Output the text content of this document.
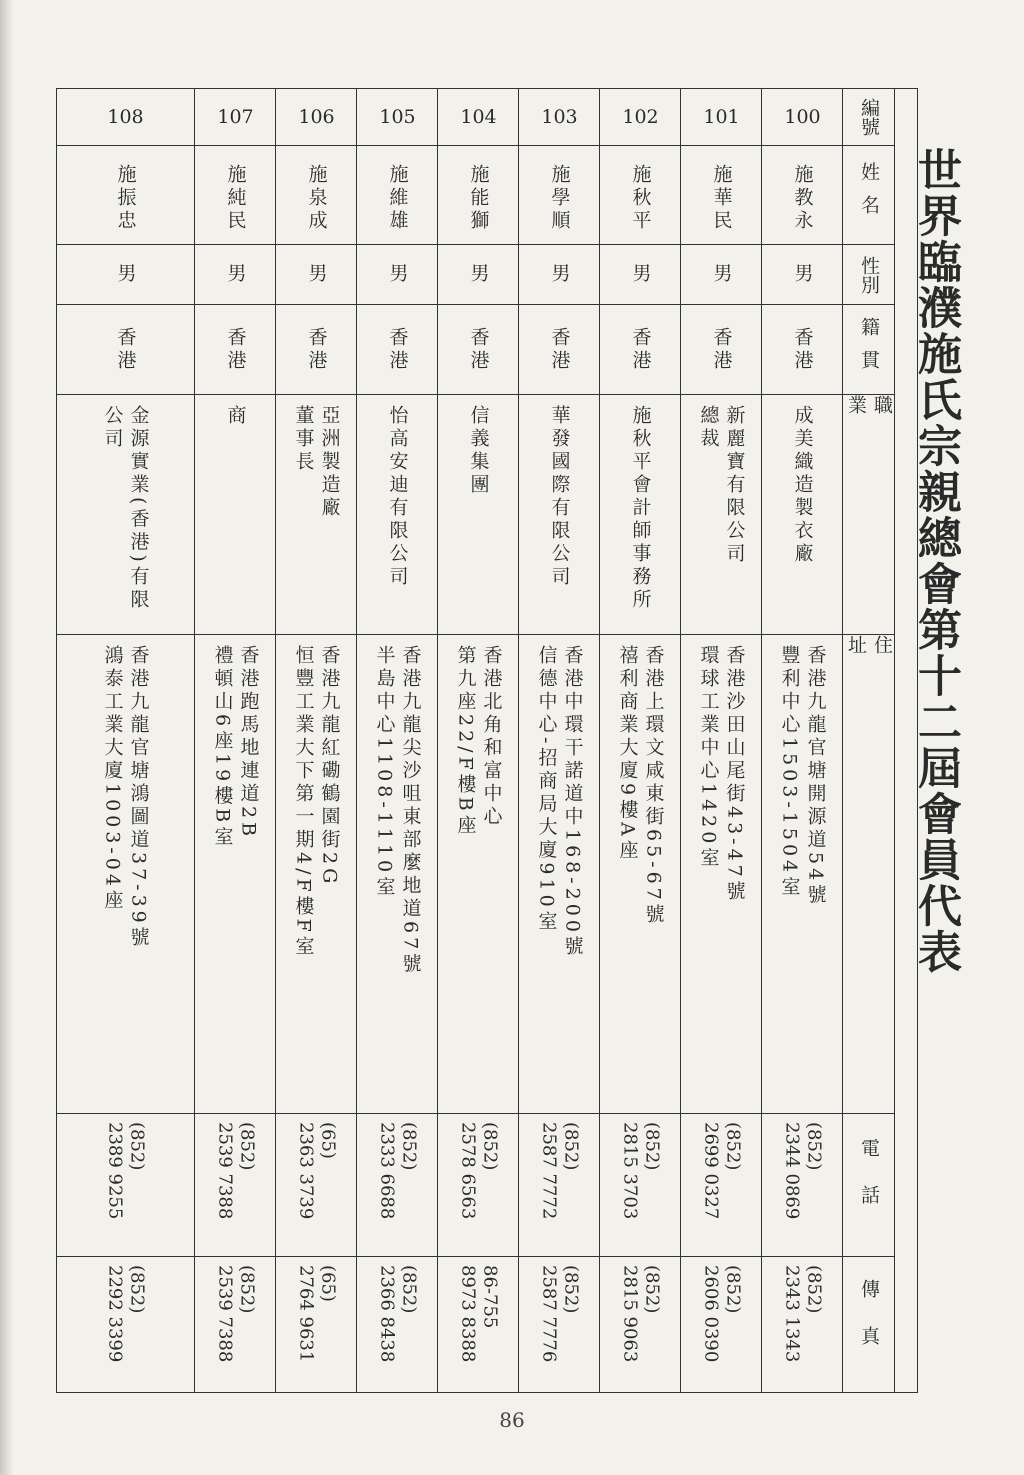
世界臨濮施氏宗親總會第十二屆會員代表
編號
姓名
性別
籍貫
職業
住址
電話
傳真
100
施教永
男
香港
成美織造製衣廠
香港九龍官塘開源道54號
豐利中心1503-1504室
(852)
2344 0869
(852)
2343 1343
101
施華民
男
香港
新麗寶有限公司
總裁
香港沙田山尾街43-47號
環球工業中心1420室
(852)
2699 0327
(852)
2606 0390
102
施秋平
男
香港
施秋平會計師事務所
香港上環文咸東街65-67號
禧利商業大廈9樓A座
(852)
2815 3703
(852)
2815 9063
103
施學順
男
香港
華發國際有限公司
香港中環干諾道中168-200號
信德中心-招商局大廈910室
(852)
2587 7772
(852)
2587 7776
104
施能獅
男
香港
信義集團
香港北角和富中心
第九座22/F樓B座
(852)
2578 6563
86-755
8973 8388
105
施維雄
男
香港
怡高安迪有限公司
香港九龍尖沙咀東部麼地道67號
半島中心1108-1110室
(852)
2333 6688
(852)
2366 8438
106
施泉成
男
香港
亞洲製造廠
董事長
香港九龍紅磡鶴園街2G
恒豐工業大下第一期4/F樓F室
(65)
2363 3739
(65)
2764 9631
107
施純民
男
香港
商
香港跑馬地連道2B
禮頓山6座19樓B室
(852)
2539 7388
(852)
2539 7388
108
施振忠
男
香港
金源實業(香港)有限公司
香港九龍官塘鴻圖道37-39號
鴻泰工業大廈1003-04座
(852)
2389 9255
(852)
2292 3399
86
